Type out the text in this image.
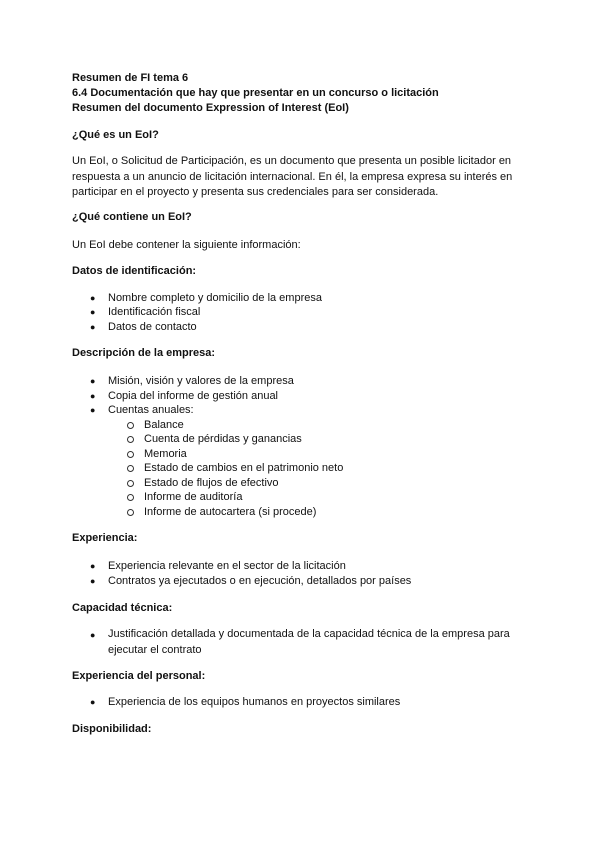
Resumen de FI tema 6
6.4 Documentación que hay que presentar en un concurso o licitación
Resumen del documento Expression of Interest (EoI)
¿Qué es un EoI?
Un EoI, o Solicitud de Participación, es un documento que presenta un posible licitador en respuesta a un anuncio de licitación internacional. En él, la empresa expresa su interés en participar en el proyecto y presenta sus credenciales para ser considerada.
¿Qué contiene un EoI?
Un EoI debe contener la siguiente información:
Datos de identificación:
● Nombre completo y domicilio de la empresa
● Identificación fiscal
● Datos de contacto
Descripción de la empresa:
● Misión, visión y valores de la empresa
● Copia del informe de gestión anual
● Cuentas anuales:
Balance
Cuenta de pérdidas y ganancias
Memoria
Estado de cambios en el patrimonio neto
Estado de flujos de efectivo
Informe de auditoría
Informe de autocartera (si procede)
Experiencia:
● Experiencia relevante en el sector de la licitación
● Contratos ya ejecutados o en ejecución, detallados por países
Capacidad técnica:
● Justificación detallada y documentada de la capacidad técnica de la empresa para ejecutar el contrato
Experiencia del personal:
● Experiencia de los equipos humanos en proyectos similares
Disponibilidad:
